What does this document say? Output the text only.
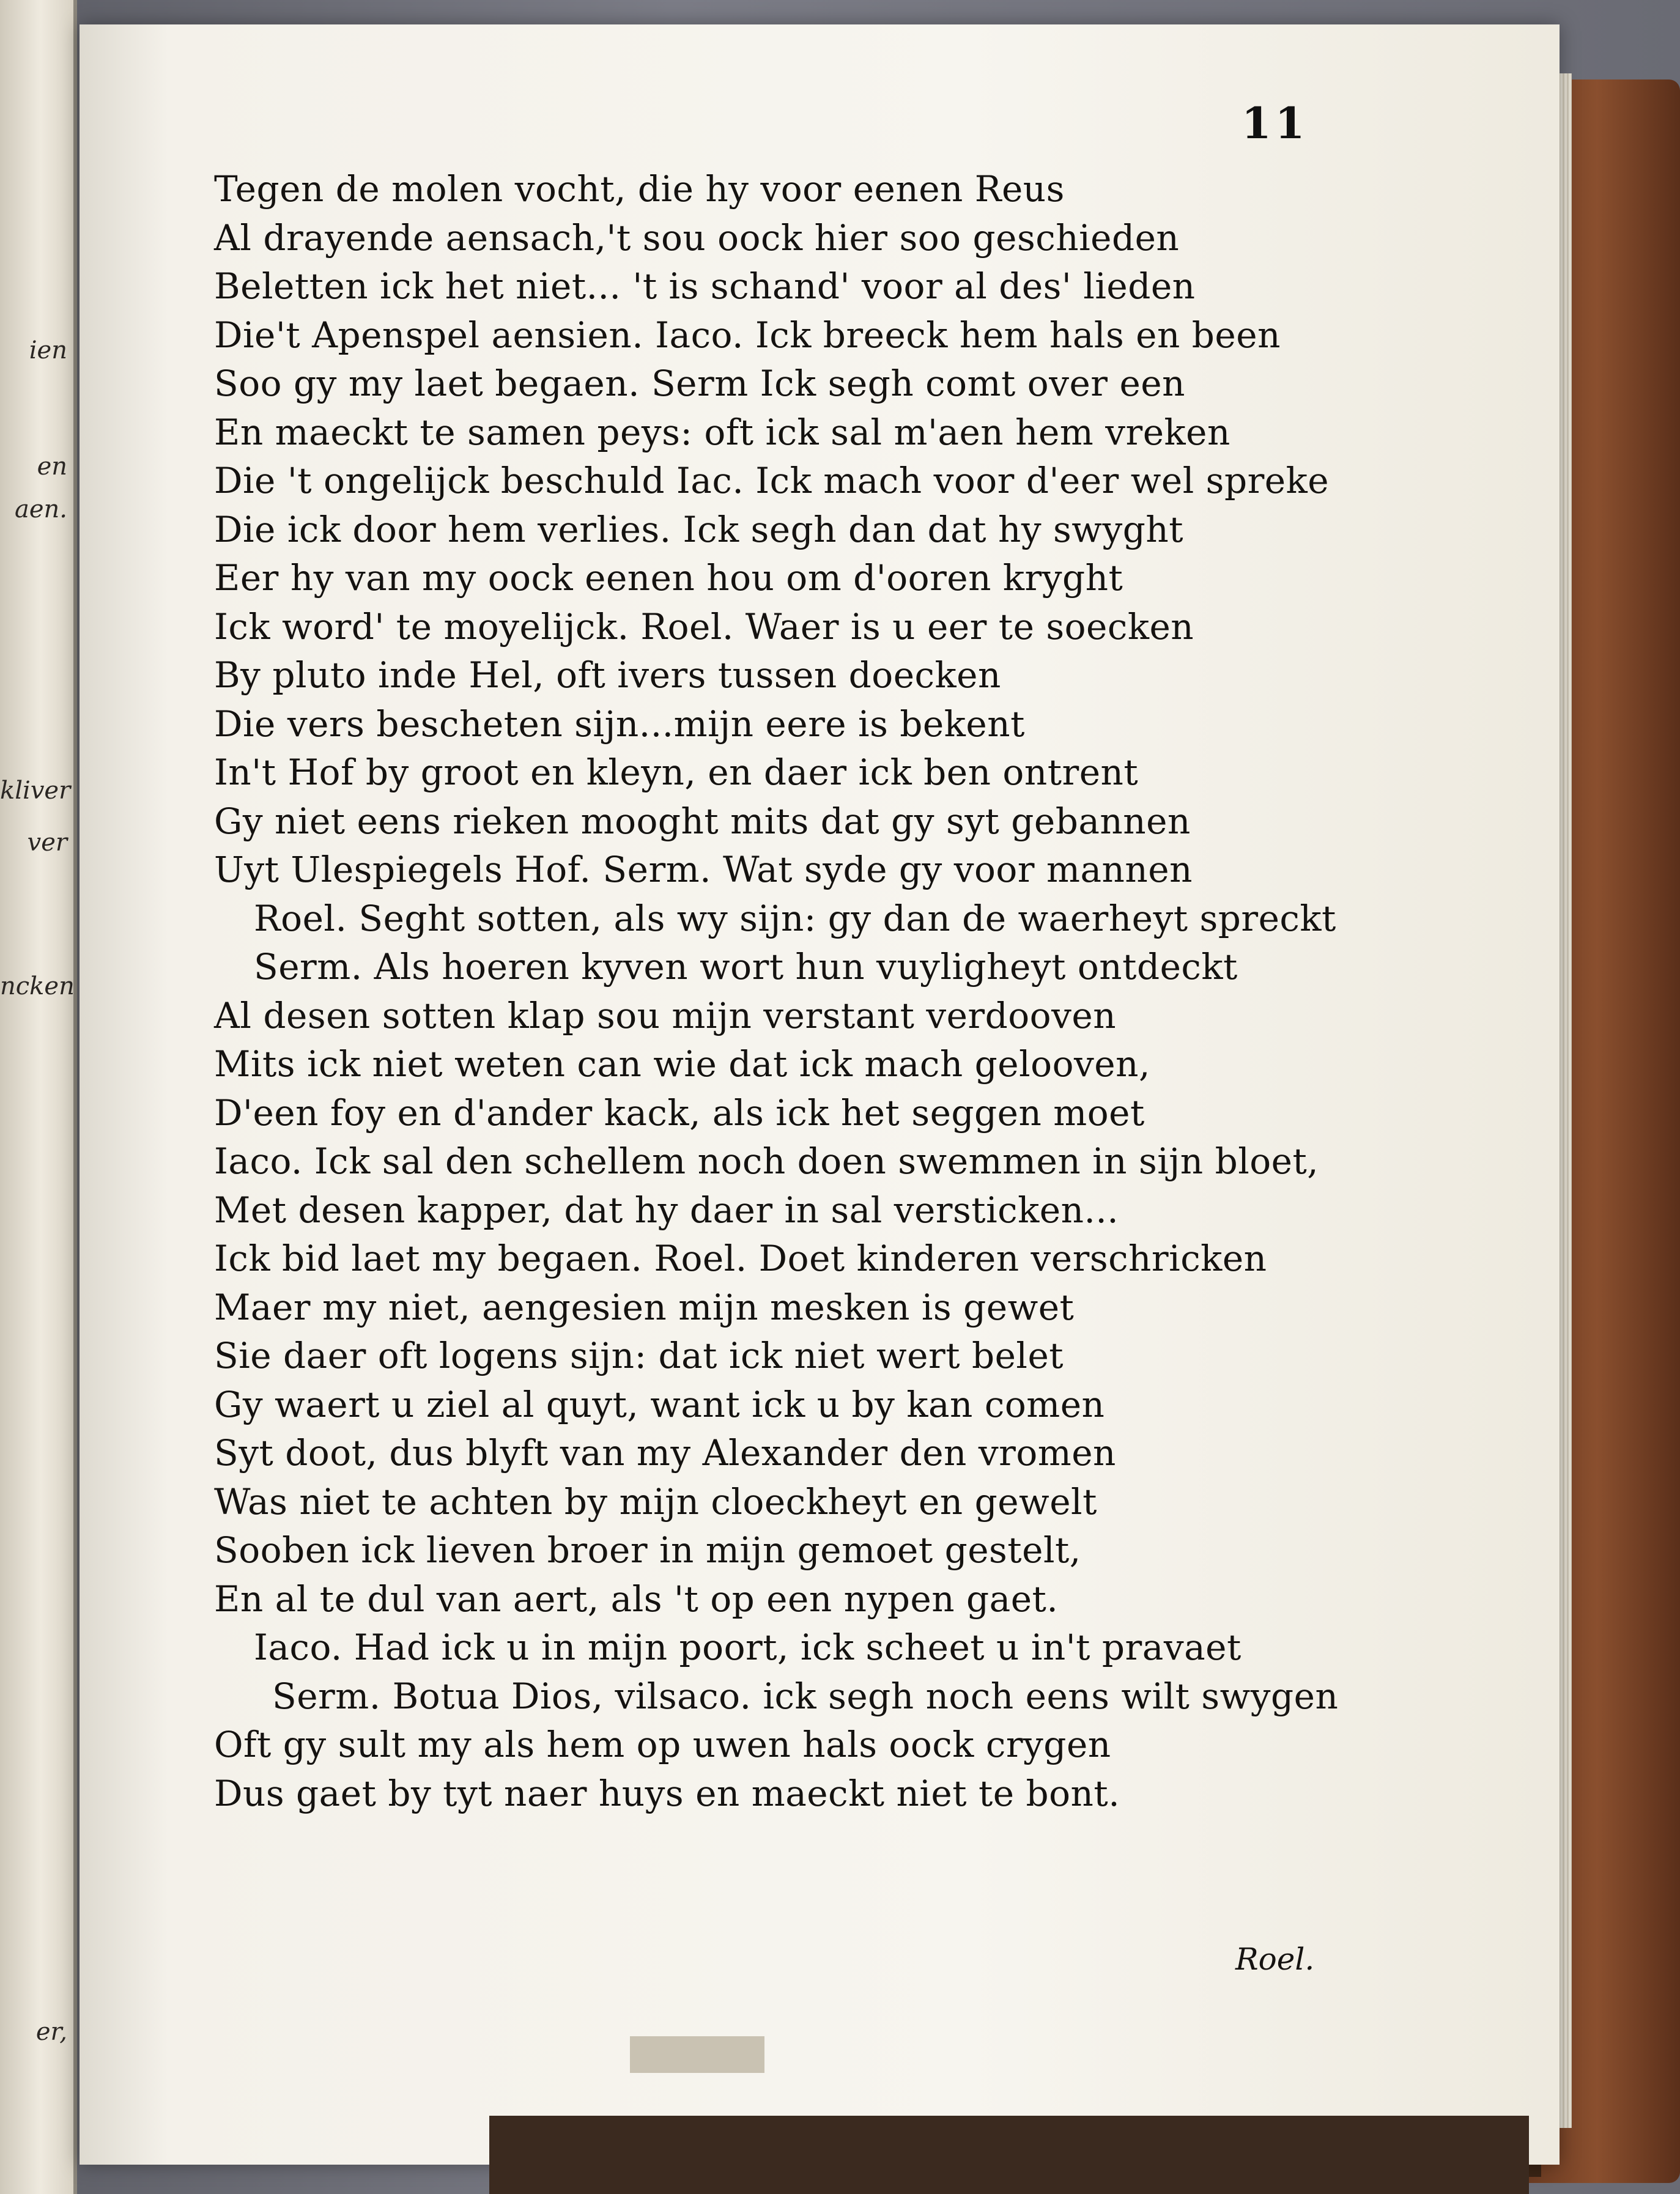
ien
en
aen.
kliver
ver
ncken
er,
11
Tegen de molen vocht, die hy voor eenen Reus
Al drayende aensach,'t sou oock hier soo geschieden
Beletten ick het niet... 't is schand' voor al des' lieden
Die't Apenspel aensien. Iaco. Ick breeck hem hals en been
Soo gy my laet begaen. Serm Ick segh comt over een
En maeckt te samen peys: oft ick sal m'aen hem vreken
Die 't ongelijck beschuld Iac. Ick mach voor d'eer wel spreke
Die ick door hem verlies. Ick segh dan dat hy swyght
Eer hy van my oock eenen hou om d'ooren kryght
Ick word' te moyelijck. Roel. Waer is u eer te soecken
By pluto inde Hel, oft ivers tussen doecken
Die vers bescheten sijn...mijn eere is bekent
In't Hof by groot en kleyn, en daer ick ben ontrent
Gy niet eens rieken mooght mits dat gy syt gebannen
Uyt Ulespiegels Hof. Serm. Wat syde gy voor mannen
Roel. Seght sotten, als wy sijn: gy dan de waerheyt spreckt
Serm. Als hoeren kyven wort hun vuyligheyt ontdeckt
Al desen sotten klap sou mijn verstant verdooven
Mits ick niet weten can wie dat ick mach gelooven,
D'een foy en d'ander kack, als ick het seggen moet
Iaco. Ick sal den schellem noch doen swemmen in sijn bloet,
Met desen kapper, dat hy daer in sal versticken...
Ick bid laet my begaen. Roel. Doet kinderen verschricken
Maer my niet, aengesien mijn mesken is gewet
Sie daer oft logens sijn: dat ick niet wert belet
Gy waert u ziel al quyt, want ick u by kan comen
Syt doot, dus blyft van my Alexander den vromen
Was niet te achten by mijn cloeckheyt en gewelt
Sooben ick lieven broer in mijn gemoet gestelt,
En al te dul van aert, als 't op een nypen gaet.
Iaco. Had ick u in mijn poort, ick scheet u in't pravaet
Serm. Botua Dios, vilsaco. ick segh noch eens wilt swygen
Oft gy sult my als hem op uwen hals oock crygen
Dus gaet by tyt naer huys en maeckt niet te bont.
Roel.
